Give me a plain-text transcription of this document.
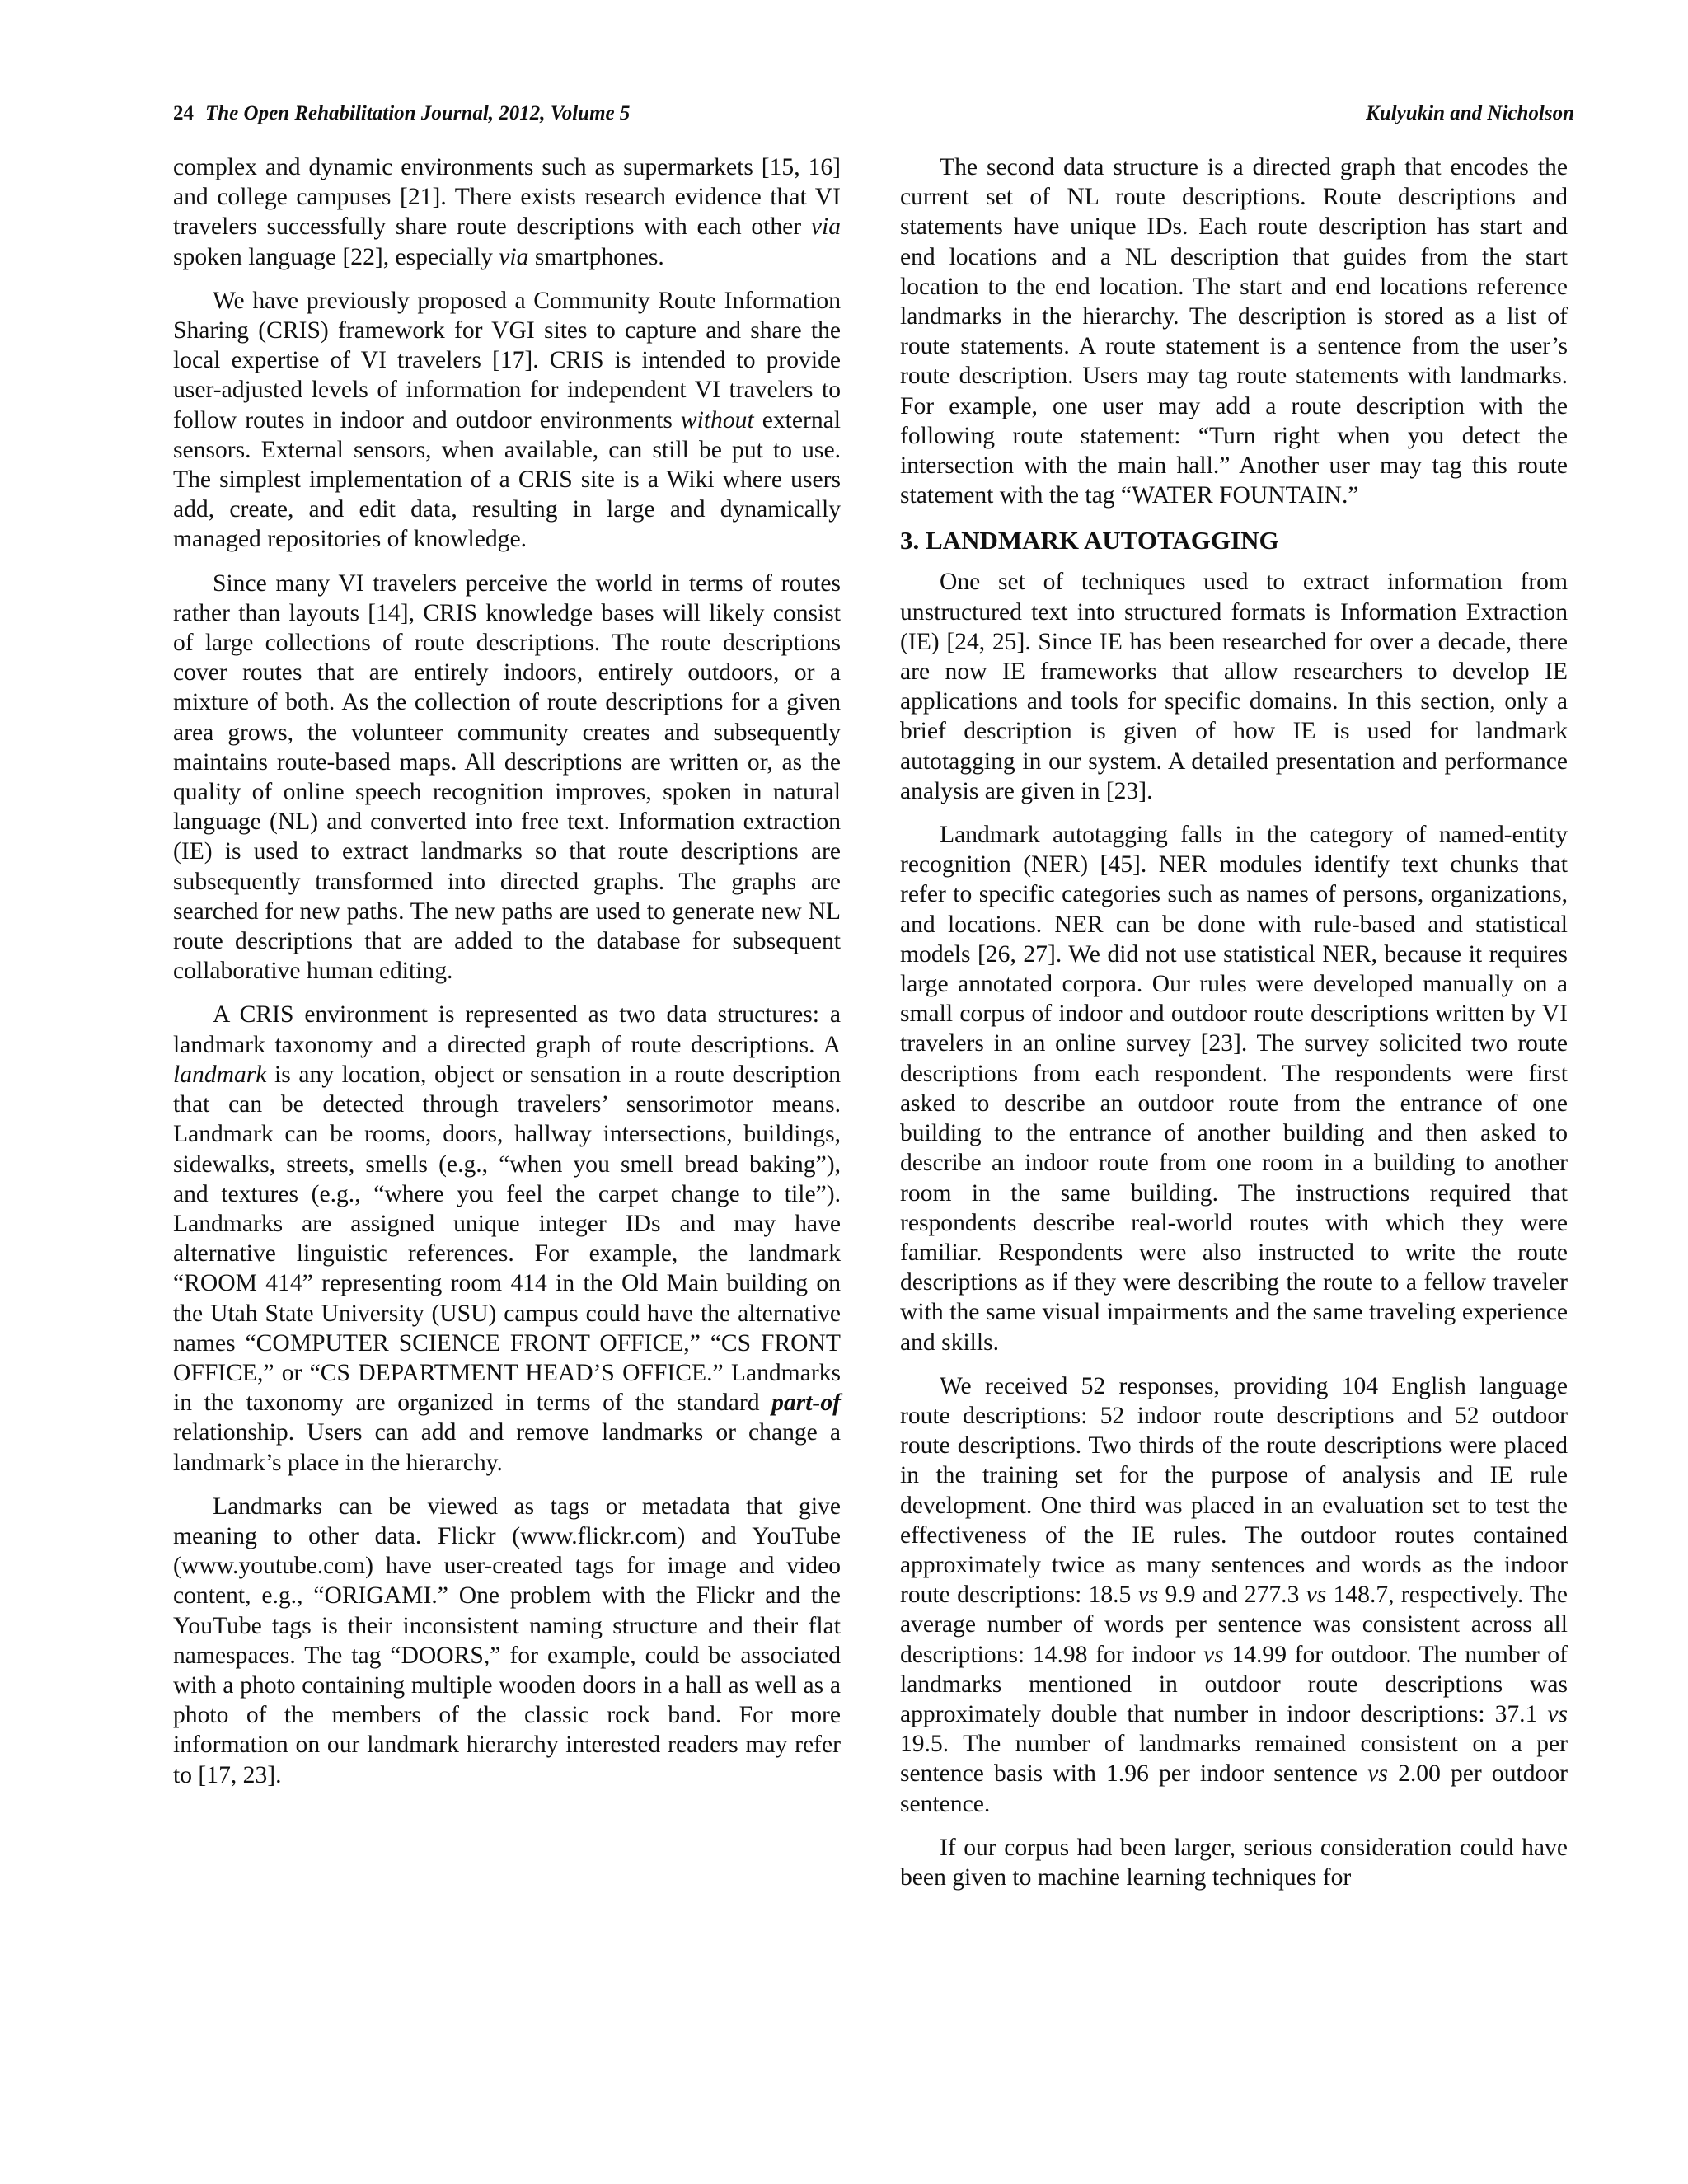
24 The Open Rehabilitation Journal, 2012, Volume 5	Kulyukin and Nicholson

complex and dynamic environments such as supermarkets [15, 16] and college campuses [21]. There exists research evidence that VI travelers successfully share route descriptions with each other via spoken language [22], especially via smartphones.

We have previously proposed a Community Route Information Sharing (CRIS) framework for VGI sites to capture and share the local expertise of VI travelers [17]. CRIS is intended to provide user-adjusted levels of information for independent VI travelers to follow routes in indoor and outdoor environments without external sensors. External sensors, when available, can still be put to use. The simplest implementation of a CRIS site is a Wiki where users add, create, and edit data, resulting in large and dynamically managed repositories of knowledge.

Since many VI travelers perceive the world in terms of routes rather than layouts [14], CRIS knowledge bases will likely consist of large collections of route descriptions. The route descriptions cover routes that are entirely indoors, entirely outdoors, or a mixture of both. As the collection of route descriptions for a given area grows, the volunteer community creates and subsequently maintains route-based maps. All descriptions are written or, as the quality of online speech recognition improves, spoken in natural language (NL) and converted into free text. Information extraction (IE) is used to extract landmarks so that route descriptions are subsequently transformed into directed graphs. The graphs are searched for new paths. The new paths are used to generate new NL route descriptions that are added to the database for subsequent collaborative human editing.

A CRIS environment is represented as two data structures: a landmark taxonomy and a directed graph of route descriptions. A landmark is any location, object or sensation in a route description that can be detected through travelers’ sensorimotor means. Landmark can be rooms, doors, hallway intersections, buildings, sidewalks, streets, smells (e.g., “when you smell bread baking”), and textures (e.g., “where you feel the carpet change to tile”). Landmarks are assigned unique integer IDs and may have alternative linguistic references. For example, the landmark “ROOM 414” representing room 414 in the Old Main building on the Utah State University (USU) campus could have the alternative names “COMPUTER SCIENCE FRONT OFFICE,” “CS FRONT OFFICE,” or “CS DEPARTMENT HEAD’S OFFICE.” Landmarks in the taxonomy are organized in terms of the standard part-of relationship. Users can add and remove landmarks or change a landmark’s place in the hierarchy.

Landmarks can be viewed as tags or metadata that give meaning to other data. Flickr (www.flickr.com) and YouTube (www.youtube.com) have user-created tags for image and video content, e.g., “ORIGAMI.” One problem with the Flickr and the YouTube tags is their inconsistent naming structure and their flat namespaces. The tag “DOORS,” for example, could be associated with a photo containing multiple wooden doors in a hall as well as a photo of the members of the classic rock band. For more information on our landmark hierarchy interested readers may refer to [17, 23].

The second data structure is a directed graph that encodes the current set of NL route descriptions. Route descriptions and statements have unique IDs. Each route description has start and end locations and a NL description that guides from the start location to the end location. The start and end locations reference landmarks in the hierarchy. The description is stored as a list of route statements. A route statement is a sentence from the user’s route description. Users may tag route statements with landmarks. For example, one user may add a route description with the following route statement: “Turn right when you detect the intersection with the main hall.” Another user may tag this route statement with the tag “WATER FOUNTAIN.”

3. LANDMARK AUTOTAGGING

One set of techniques used to extract information from unstructured text into structured formats is Information Extraction (IE) [24, 25]. Since IE has been researched for over a decade, there are now IE frameworks that allow researchers to develop IE applications and tools for specific domains. In this section, only a brief description is given of how IE is used for landmark autotagging in our system. A detailed presentation and performance analysis are given in [23].

Landmark autotagging falls in the category of named-entity recognition (NER) [45]. NER modules identify text chunks that refer to specific categories such as names of persons, organizations, and locations. NER can be done with rule-based and statistical models [26, 27]. We did not use statistical NER, because it requires large annotated corpora. Our rules were developed manually on a small corpus of indoor and outdoor route descriptions written by VI travelers in an online survey [23]. The survey solicited two route descriptions from each respondent. The respondents were first asked to describe an outdoor route from the entrance of one building to the entrance of another building and then asked to describe an indoor route from one room in a building to another room in the same building. The instructions required that respondents describe real-world routes with which they were familiar. Respondents were also instructed to write the route descriptions as if they were describing the route to a fellow traveler with the same visual impairments and the same traveling experience and skills.

We received 52 responses, providing 104 English language route descriptions: 52 indoor route descriptions and 52 outdoor route descriptions. Two thirds of the route descriptions were placed in the training set for the purpose of analysis and IE rule development. One third was placed in an evaluation set to test the effectiveness of the IE rules. The outdoor routes contained approximately twice as many sentences and words as the indoor route descriptions: 18.5 vs 9.9 and 277.3 vs 148.7, respectively. The average number of words per sentence was consistent across all descriptions: 14.98 for indoor vs 14.99 for outdoor. The number of landmarks mentioned in outdoor route descriptions was approximately double that number in indoor descriptions: 37.1 vs 19.5. The number of landmarks remained consistent on a per sentence basis with 1.96 per indoor sentence vs 2.00 per outdoor sentence.

If our corpus had been larger, serious consideration could have been given to machine learning techniques for
